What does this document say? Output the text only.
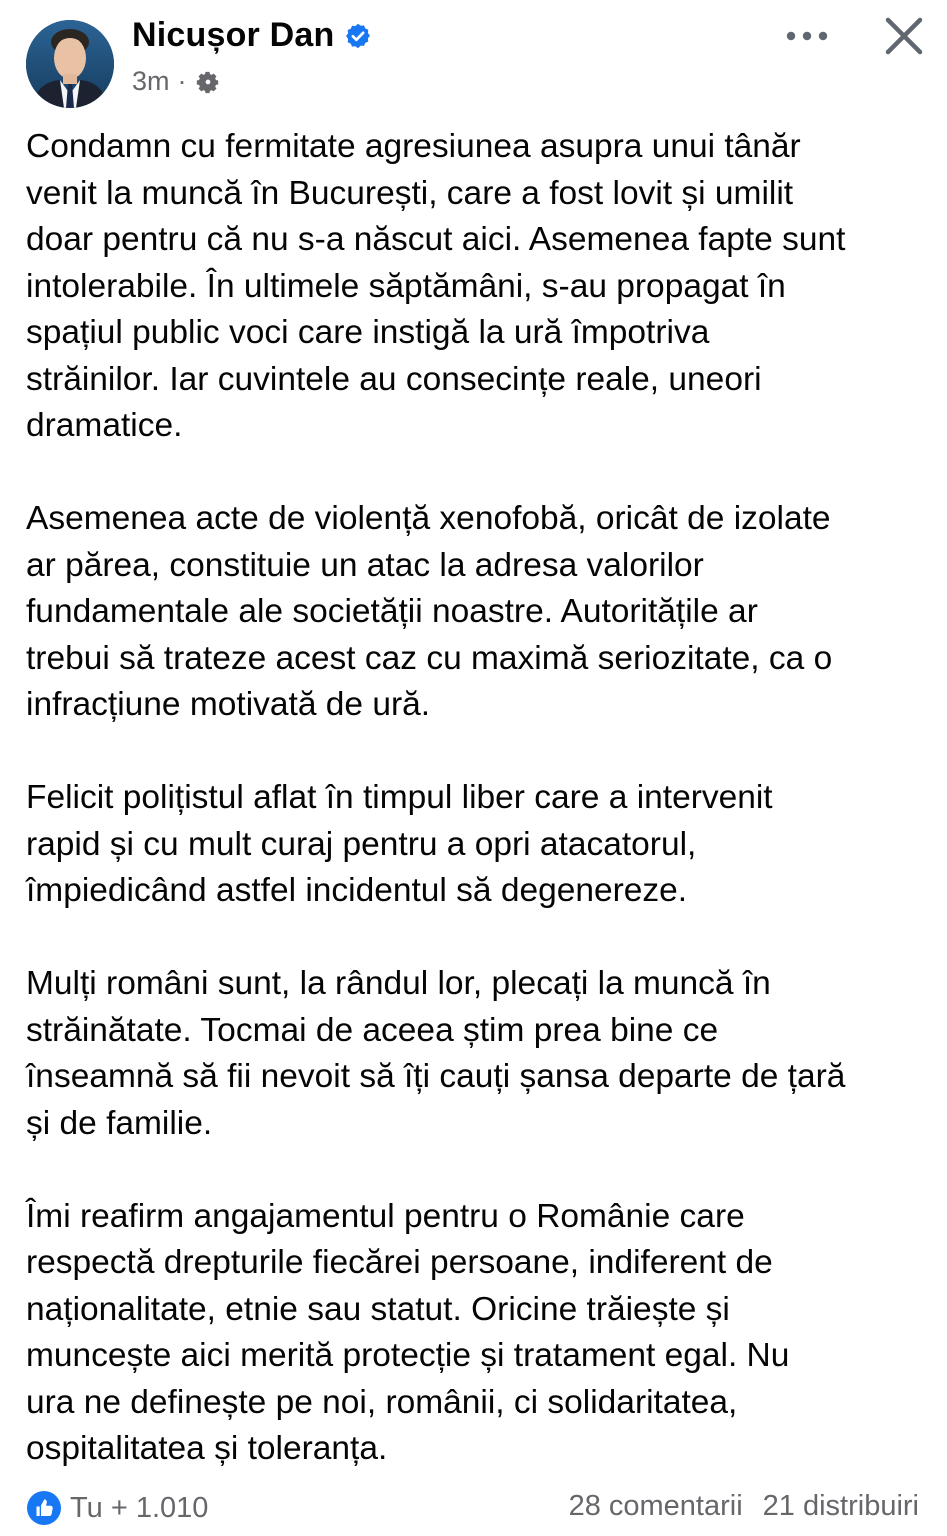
Nicușor Dan
3m ·

Condamn cu fermitate agresiunea asupra unui tânăr
venit la muncă în București, care a fost lovit și umilit
doar pentru că nu s-a născut aici. Asemenea fapte sunt
intolerabile. În ultimele săptămâni, s-au propagat în
spațiul public voci care instigă la ură împotriva
străinilor. Iar cuvintele au consecințe reale, uneori
dramatice.

Asemenea acte de violență xenofobă, oricât de izolate
ar părea, constituie un atac la adresa valorilor
fundamentale ale societății noastre. Autoritățile ar
trebui să trateze acest caz cu maximă seriozitate, ca o
infracțiune motivată de ură.

Felicit polițistul aflat în timpul liber care a intervenit
rapid și cu mult curaj pentru a opri atacatorul,
împiedicând astfel incidentul să degenereze.

Mulți români sunt, la rândul lor, plecați la muncă în
străinătate. Tocmai de aceea știm prea bine ce
înseamnă să fii nevoit să îți cauți șansa departe de țară
și de familie.

Îmi reafirm angajamentul pentru o Românie care
respectă drepturile fiecărei persoane, indiferent de
naționalitate, etnie sau statut. Oricine trăiește și
muncește aici merită protecție și tratament egal. Nu
ura ne definește pe noi, românii, ci solidaritatea,
ospitalitatea și toleranța.

Tu + 1.010	28 comentarii 21 distribuiri
